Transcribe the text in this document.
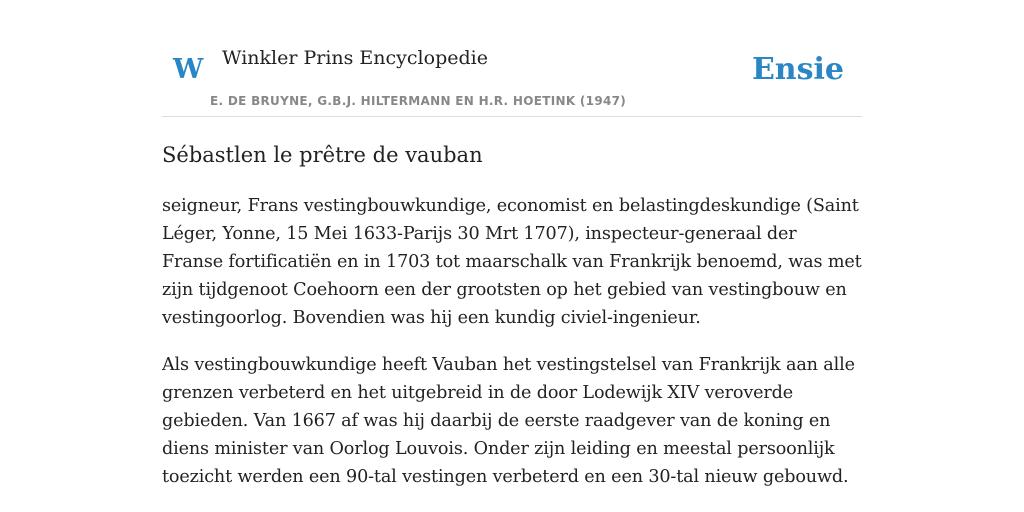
W Winkler Prins Encyclopedie
E. DE BRUYNE, G.B.J. HILTERMANN EN H.R. HOETINK (1947)
Ensie
Sébastlen le prêtre de vauban

seigneur, Frans vestingbouwkundige, economist en belastingdeskundige (Saint Léger, Yonne, 15 Mei 1633-Parijs 30 Mrt 1707), inspecteur-generaal der Franse fortificatiën en in 1703 tot maarschalk van Frankrijk benoemd, was met zijn tijdgenoot Coehoorn een der grootsten op het gebied van vestingbouw en vestingoorlog. Bovendien was hij een kundig civiel-ingenieur.

Als vestingbouwkundige heeft Vauban het vestingstelsel van Frankrijk aan alle grenzen verbeterd en het uitgebreid in de door Lodewijk XIV veroverde gebieden. Van 1667 af was hij daarbij de eerste raadgever van de koning en diens minister van Oorlog Louvois. Onder zijn leiding en meestal persoonlijk toezicht werden een 90-tal vestingen verbeterd en een 30-tal nieuw gebouwd.
